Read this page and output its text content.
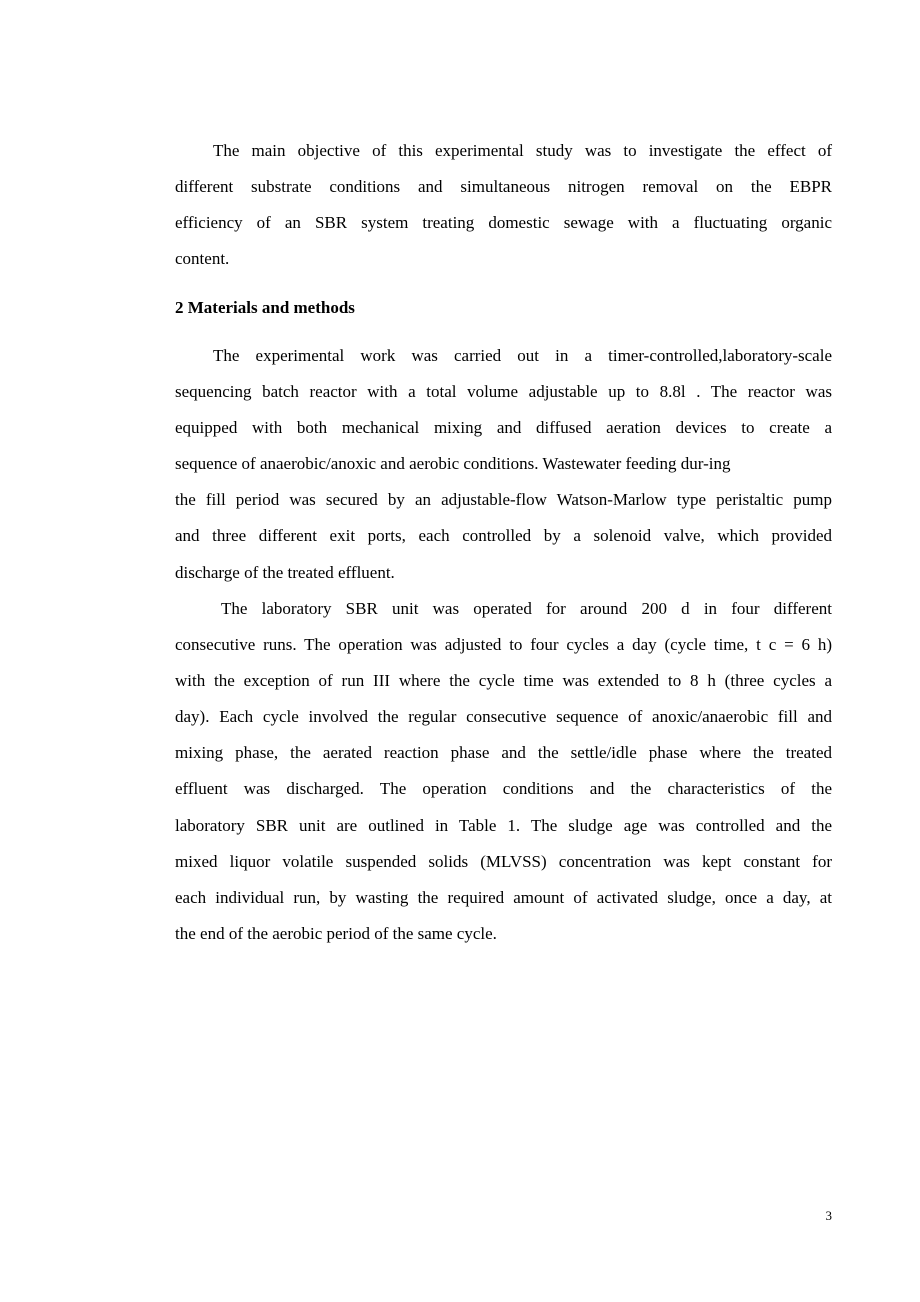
The main objective of this experimental study was to investigate the effect of
different substrate conditions and simultaneous nitrogen removal on the EBPR
efficiency of an SBR system treating domestic sewage with a fluctuating organic
content.

2 Materials and methods

The experimental work was carried out in a timer-controlled,laboratory-scale
sequencing batch reactor with a total volume adjustable up to 8.8l . The reactor was
equipped with both mechanical mixing and diffused aeration devices to create a
sequence of anaerobic/anoxic and aerobic conditions. Wastewater feeding dur-ing
the fill period was secured by an adjustable-flow Watson-Marlow type peristaltic pump
and three different exit ports, each controlled by a solenoid valve, which provided
discharge of the treated effluent.

The laboratory SBR unit was operated for around 200 d in four different
consecutive runs. The operation was adjusted to four cycles a day (cycle time, t c = 6 h)
with the exception of run III where the cycle time was extended to 8 h (three cycles a
day). Each cycle involved the regular consecutive sequence of anoxic/anaerobic fill and
mixing phase, the aerated reaction phase and the settle/idle phase where the treated
effluent was discharged. The operation conditions and the characteristics of the
laboratory SBR unit are outlined in Table 1. The sludge age was controlled and the
mixed liquor volatile suspended solids (MLVSS) concentration was kept constant for
each individual run, by wasting the required amount of activated sludge, once a day, at
the end of the aerobic period of the same cycle.

3
